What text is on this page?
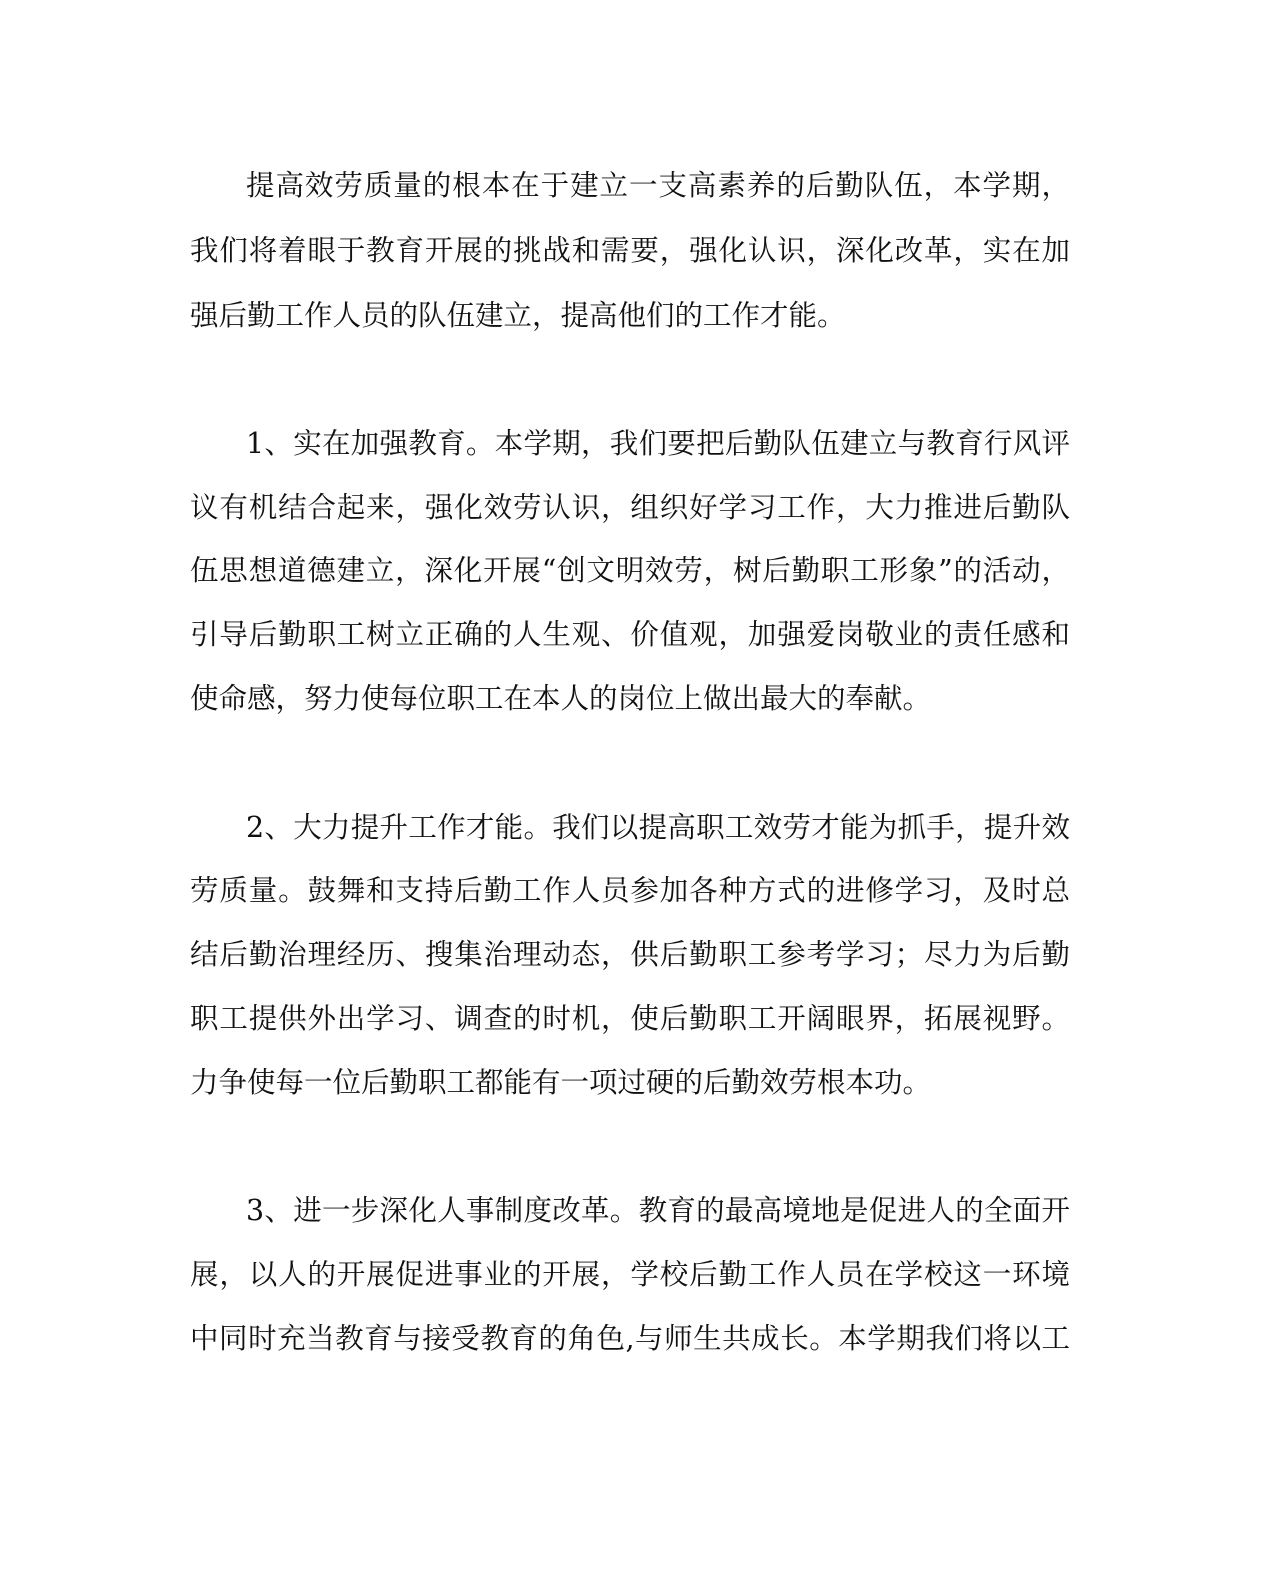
提高效劳质量的根本在于建立一支高素养的后勤队伍，本学期，
我们将着眼于教育开展的挑战和需要，强化认识，深化改革，实在加
强后勤工作人员的队伍建立，提高他们的工作才能。
1、实在加强教育。本学期，我们要把后勤队伍建立与教育行风评
议有机结合起来，强化效劳认识，组织好学习工作，大力推进后勤队
伍思想道德建立，深化开展“创文明效劳，树后勤职工形象”的活动，
引导后勤职工树立正确的人生观、价值观，加强爱岗敬业的责任感和
使命感，努力使每位职工在本人的岗位上做出最大的奉献。
2、大力提升工作才能。我们以提高职工效劳才能为抓手，提升效
劳质量。鼓舞和支持后勤工作人员参加各种方式的进修学习，及时总
结后勤治理经历、搜集治理动态，供后勤职工参考学习；尽力为后勤
职工提供外出学习、调查的时机，使后勤职工开阔眼界，拓展视野。
力争使每一位后勤职工都能有一项过硬的后勤效劳根本功。
3、进一步深化人事制度改革。教育的最高境地是促进人的全面开
展，以人的开展促进事业的开展，学校后勤工作人员在学校这一环境
中同时充当教育与接受教育的角色,与师生共成长。本学期我们将以工
